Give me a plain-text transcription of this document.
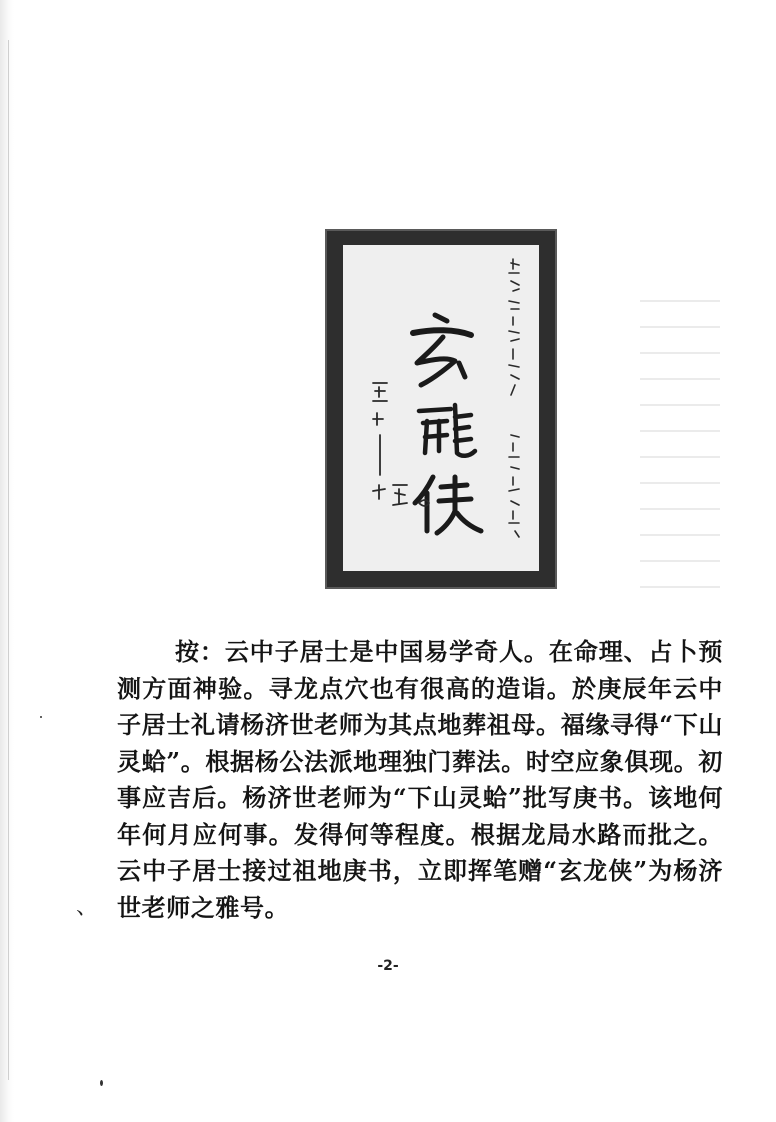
按：云中子居士是中国易学奇人。在命理、占卜预测方面神验。寻龙点穴也有很高的造诣。於庚辰年云中子居士礼请杨济世老师为其点地葬祖母。福缘寻得“下山灵蛤”。根据杨公法派地理独门葬法。时空应象俱现。初事应吉后。杨济世老师为“下山灵蛤”批写庚书。该地何年何月应何事。发得何等程度。根据龙局水路而批之。云中子居士接过祖地庚书，立即挥笔赠“玄龙侠”为杨济世老师之雅号。

、
-2-
